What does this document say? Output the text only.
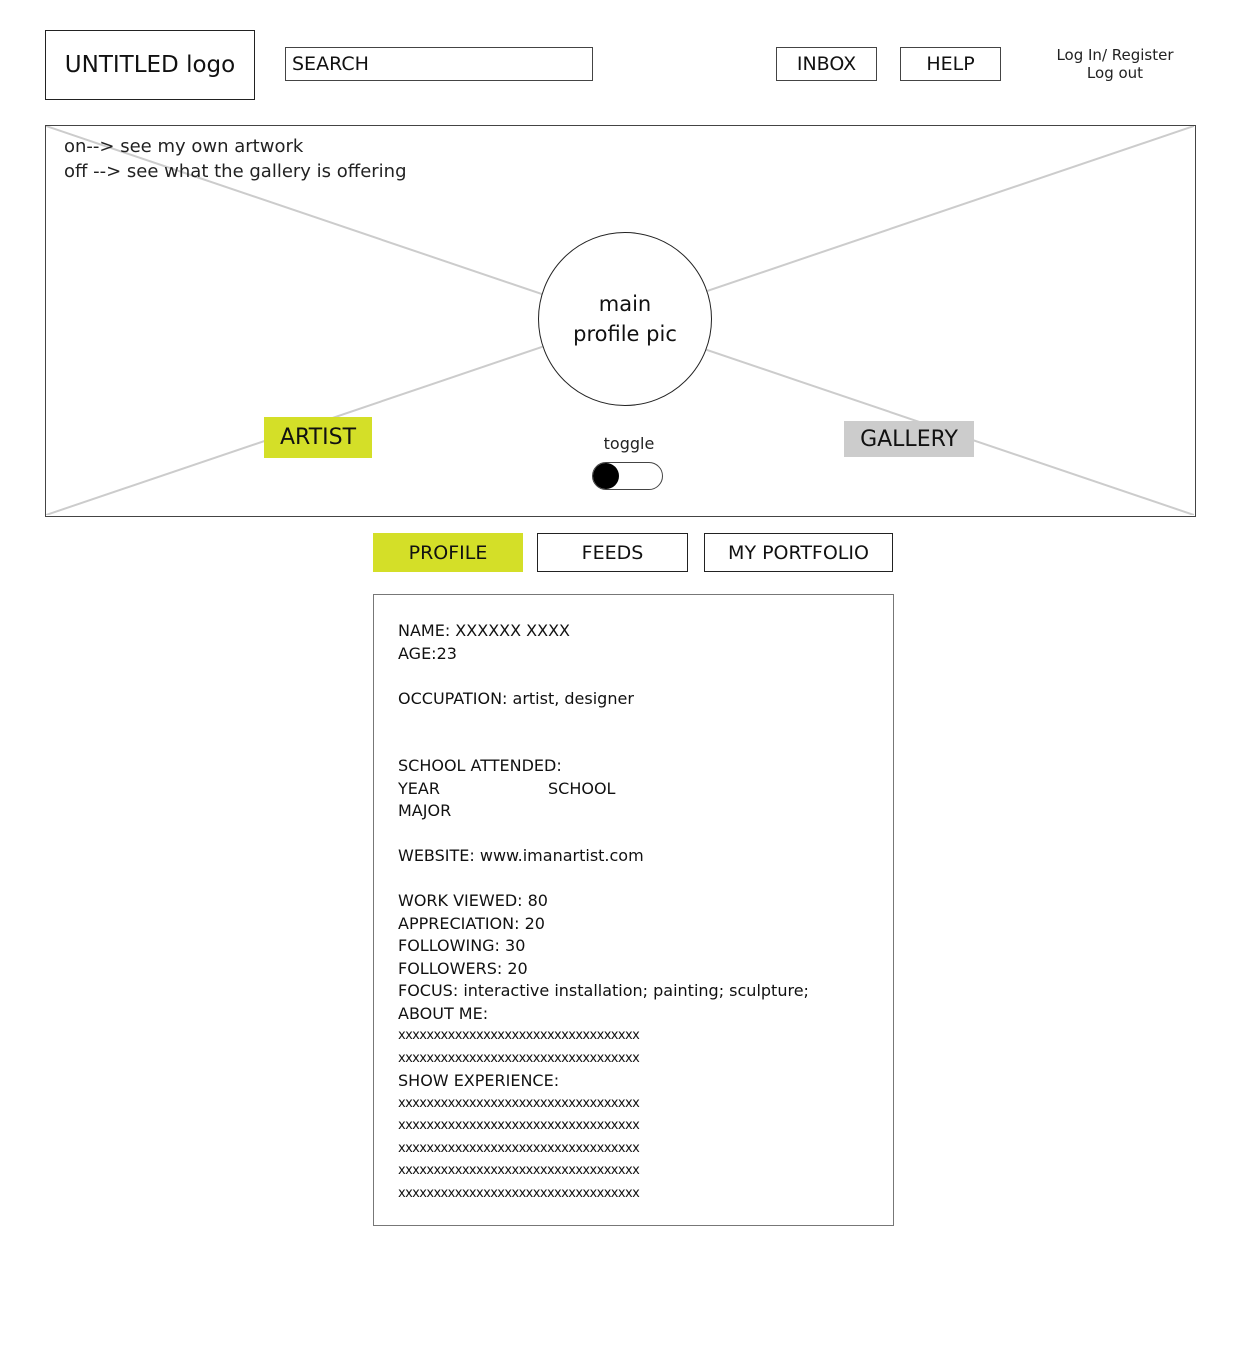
UNTITLED logo
SEARCH	INBOX	HELP	Log In/ Register
Log out
on--> see my own artwork
off --> see what the gallery is offering
main profile pic
ARTIST	GALLERY
toggle
PROFILE	FEEDS	MY PORTFOLIO
NAME: XXXXXX XXXX
AGE:23
OCCUPATION: artist, designer
SCHOOL ATTENDED:
YEAR	SCHOOL
MAJOR
WEBSITE: www.imanartist.com
WORK VIEWED: 80
APPRECIATION: 20
FOLLOWING: 30
FOLLOWERS: 20
FOCUS: interactive installation; painting; sculpture;
ABOUT ME:
xxxxxxxxxxxxxxxxxxxxxxxxxxxxxxxxxx
xxxxxxxxxxxxxxxxxxxxxxxxxxxxxxxxxx
SHOW EXPERIENCE:
xxxxxxxxxxxxxxxxxxxxxxxxxxxxxxxxxx
xxxxxxxxxxxxxxxxxxxxxxxxxxxxxxxxxx
xxxxxxxxxxxxxxxxxxxxxxxxxxxxxxxxxx
xxxxxxxxxxxxxxxxxxxxxxxxxxxxxxxxxx
xxxxxxxxxxxxxxxxxxxxxxxxxxxxxxxxxx
